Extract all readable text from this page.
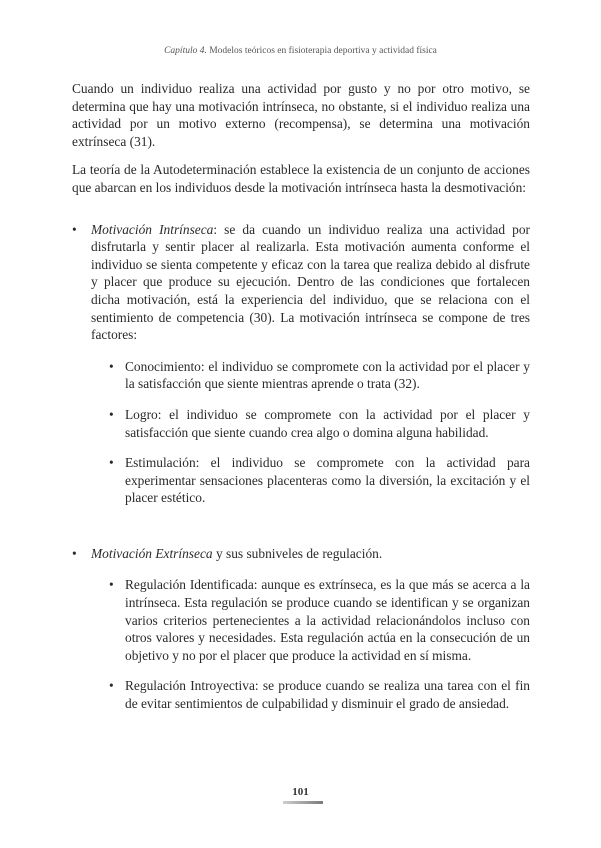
Capítulo 4. Modelos teóricos en fisioterapia deportiva y actividad física

Cuando un individuo realiza una actividad por gusto y no por otro motivo, se determina que hay una motivación intrínseca, no obstante, si el individuo realiza una actividad por un motivo externo (recompensa), se determina una motivación extrínseca (31).

La teoría de la Autodeterminación establece la existencia de un conjunto de acciones que abarcan en los individuos desde la motivación intrínseca hasta la desmotivación:

• Motivación Intrínseca: se da cuando un individuo realiza una actividad por disfrutarla y sentir placer al realizarla. Esta motivación aumenta conforme el individuo se sienta competente y eficaz con la tarea que realiza debido al disfrute y placer que produce su ejecución. Dentro de las condiciones que fortalecen dicha motivación, está la experiencia del individuo, que se relaciona con el sentimiento de competencia (30). La motivación intrínseca se compone de tres factores:
• Conocimiento: el individuo se compromete con la actividad por el placer y la satisfacción que siente mientras aprende o trata (32).
• Logro: el individuo se compromete con la actividad por el placer y satisfacción que siente cuando crea algo o domina alguna habilidad.
• Estimulación: el individuo se compromete con la actividad para experimentar sensaciones placenteras como la diversión, la excitación y el placer estético.
• Motivación Extrínseca y sus subniveles de regulación.
• Regulación Identificada: aunque es extrínseca, es la que más se acerca a la intrínseca. Esta regulación se produce cuando se identifican y se organizan varios criterios pertenecientes a la actividad relacionándolos incluso con otros valores y necesidades. Esta regulación actúa en la consecución de un objetivo y no por el placer que produce la actividad en sí misma.
• Regulación Introyectiva: se produce cuando se realiza una tarea con el fin de evitar sentimientos de culpabilidad y disminuir el grado de ansiedad.
101
